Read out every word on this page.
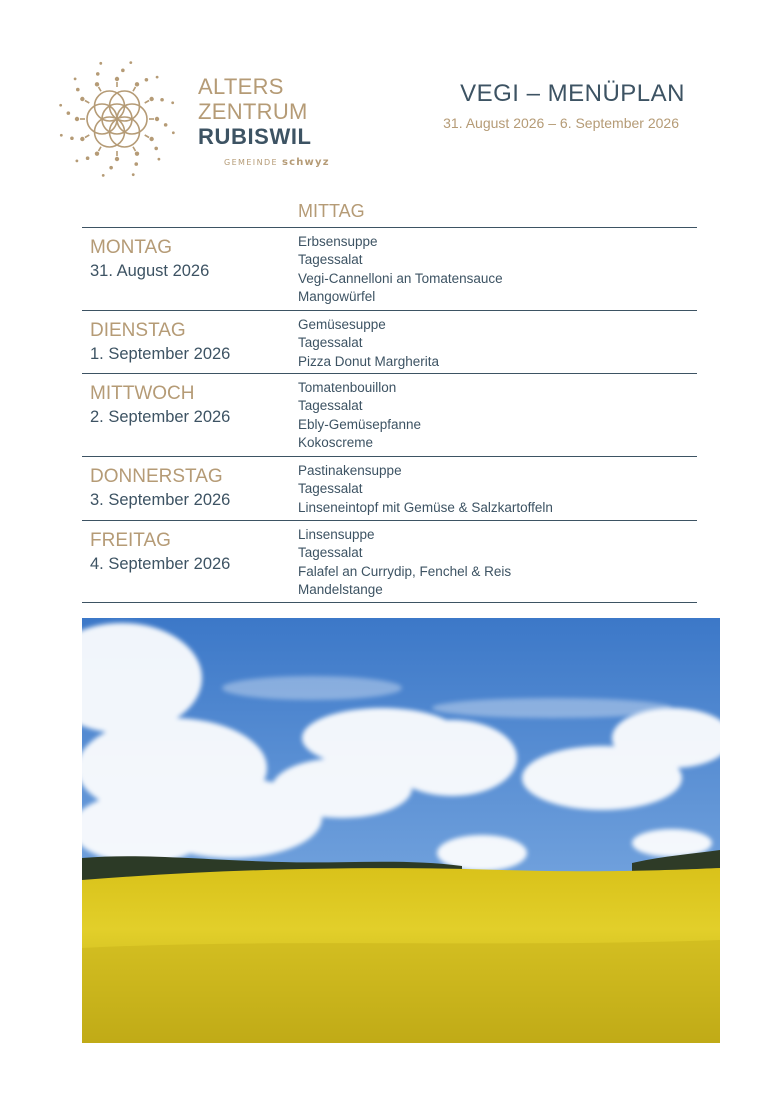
ALTERS
ZENTRUM
RUBISWIL
GEMEINDE schwyz
VEGI – MENÜPLAN
31. August 2026 – 6. September 2026
MITTAG
MONTAG
31. August 2026
Erbsensuppe
Tagessalat
Vegi-Cannelloni an Tomatensauce
Mangowürfel
DIENSTAG
1. September 2026
Gemüsesuppe
Tagessalat
Pizza Donut Margherita
MITTWOCH
2. September 2026
Tomatenbouillon
Tagessalat
Ebly-Gemüsepfanne
Kokoscreme
DONNERSTAG
3. September 2026
Pastinakensuppe
Tagessalat
Linseneintopf mit Gemüse & Salzkartoffeln
FREITAG
4. September 2026
Linsensuppe
Tagessalat
Falafel an Currydip, Fenchel & Reis
Mandelstange
